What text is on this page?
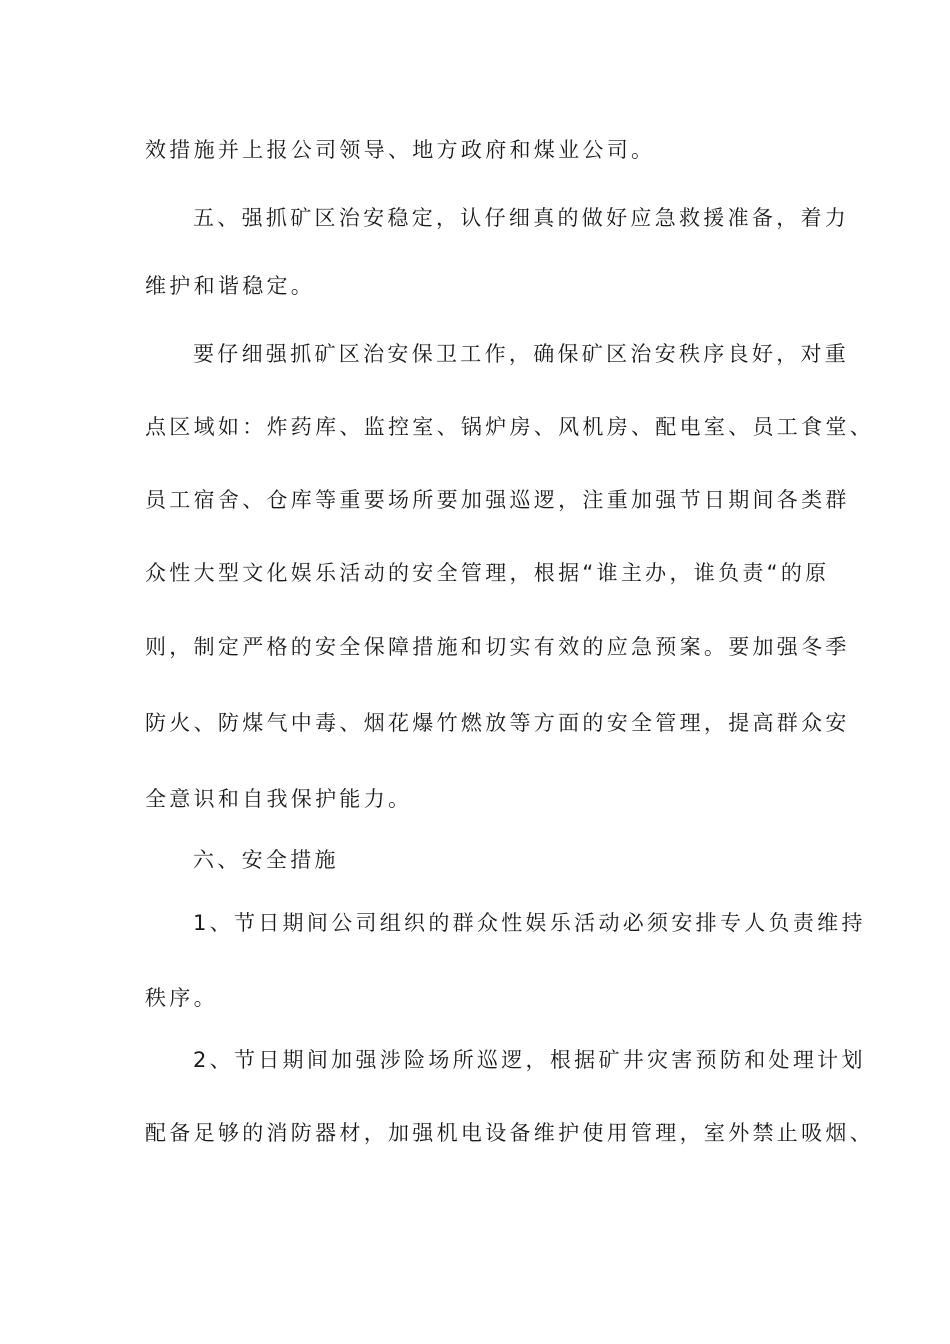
效措施并上报公司领导、地方政府和煤业公司。
五、强抓矿区治安稳定，认仔细真的做好应急救援准备，着力
维护和谐稳定。
要仔细强抓矿区治安保卫工作，确保矿区治安秩序良好，对重
点区域如：炸药库、监控室、锅炉房、风机房、配电室、员工食堂、
员工宿舍、仓库等重要场所要加强巡逻，注重加强节日期间各类群
众性大型文化娱乐活动的安全管理，根据“谁主办，谁负责“的原
则，制定严格的安全保障措施和切实有效的应急预案。要加强冬季
防火、防煤气中毒、烟花爆竹燃放等方面的安全管理，提高群众安
全意识和自我保护能力。
六、安全措施
1、节日期间公司组织的群众性娱乐活动必须安排专人负责维持
秩序。
2、节日期间加强涉险场所巡逻，根据矿井灾害预防和处理计划
配备足够的消防器材，加强机电设备维护使用管理，室外禁止吸烟、
